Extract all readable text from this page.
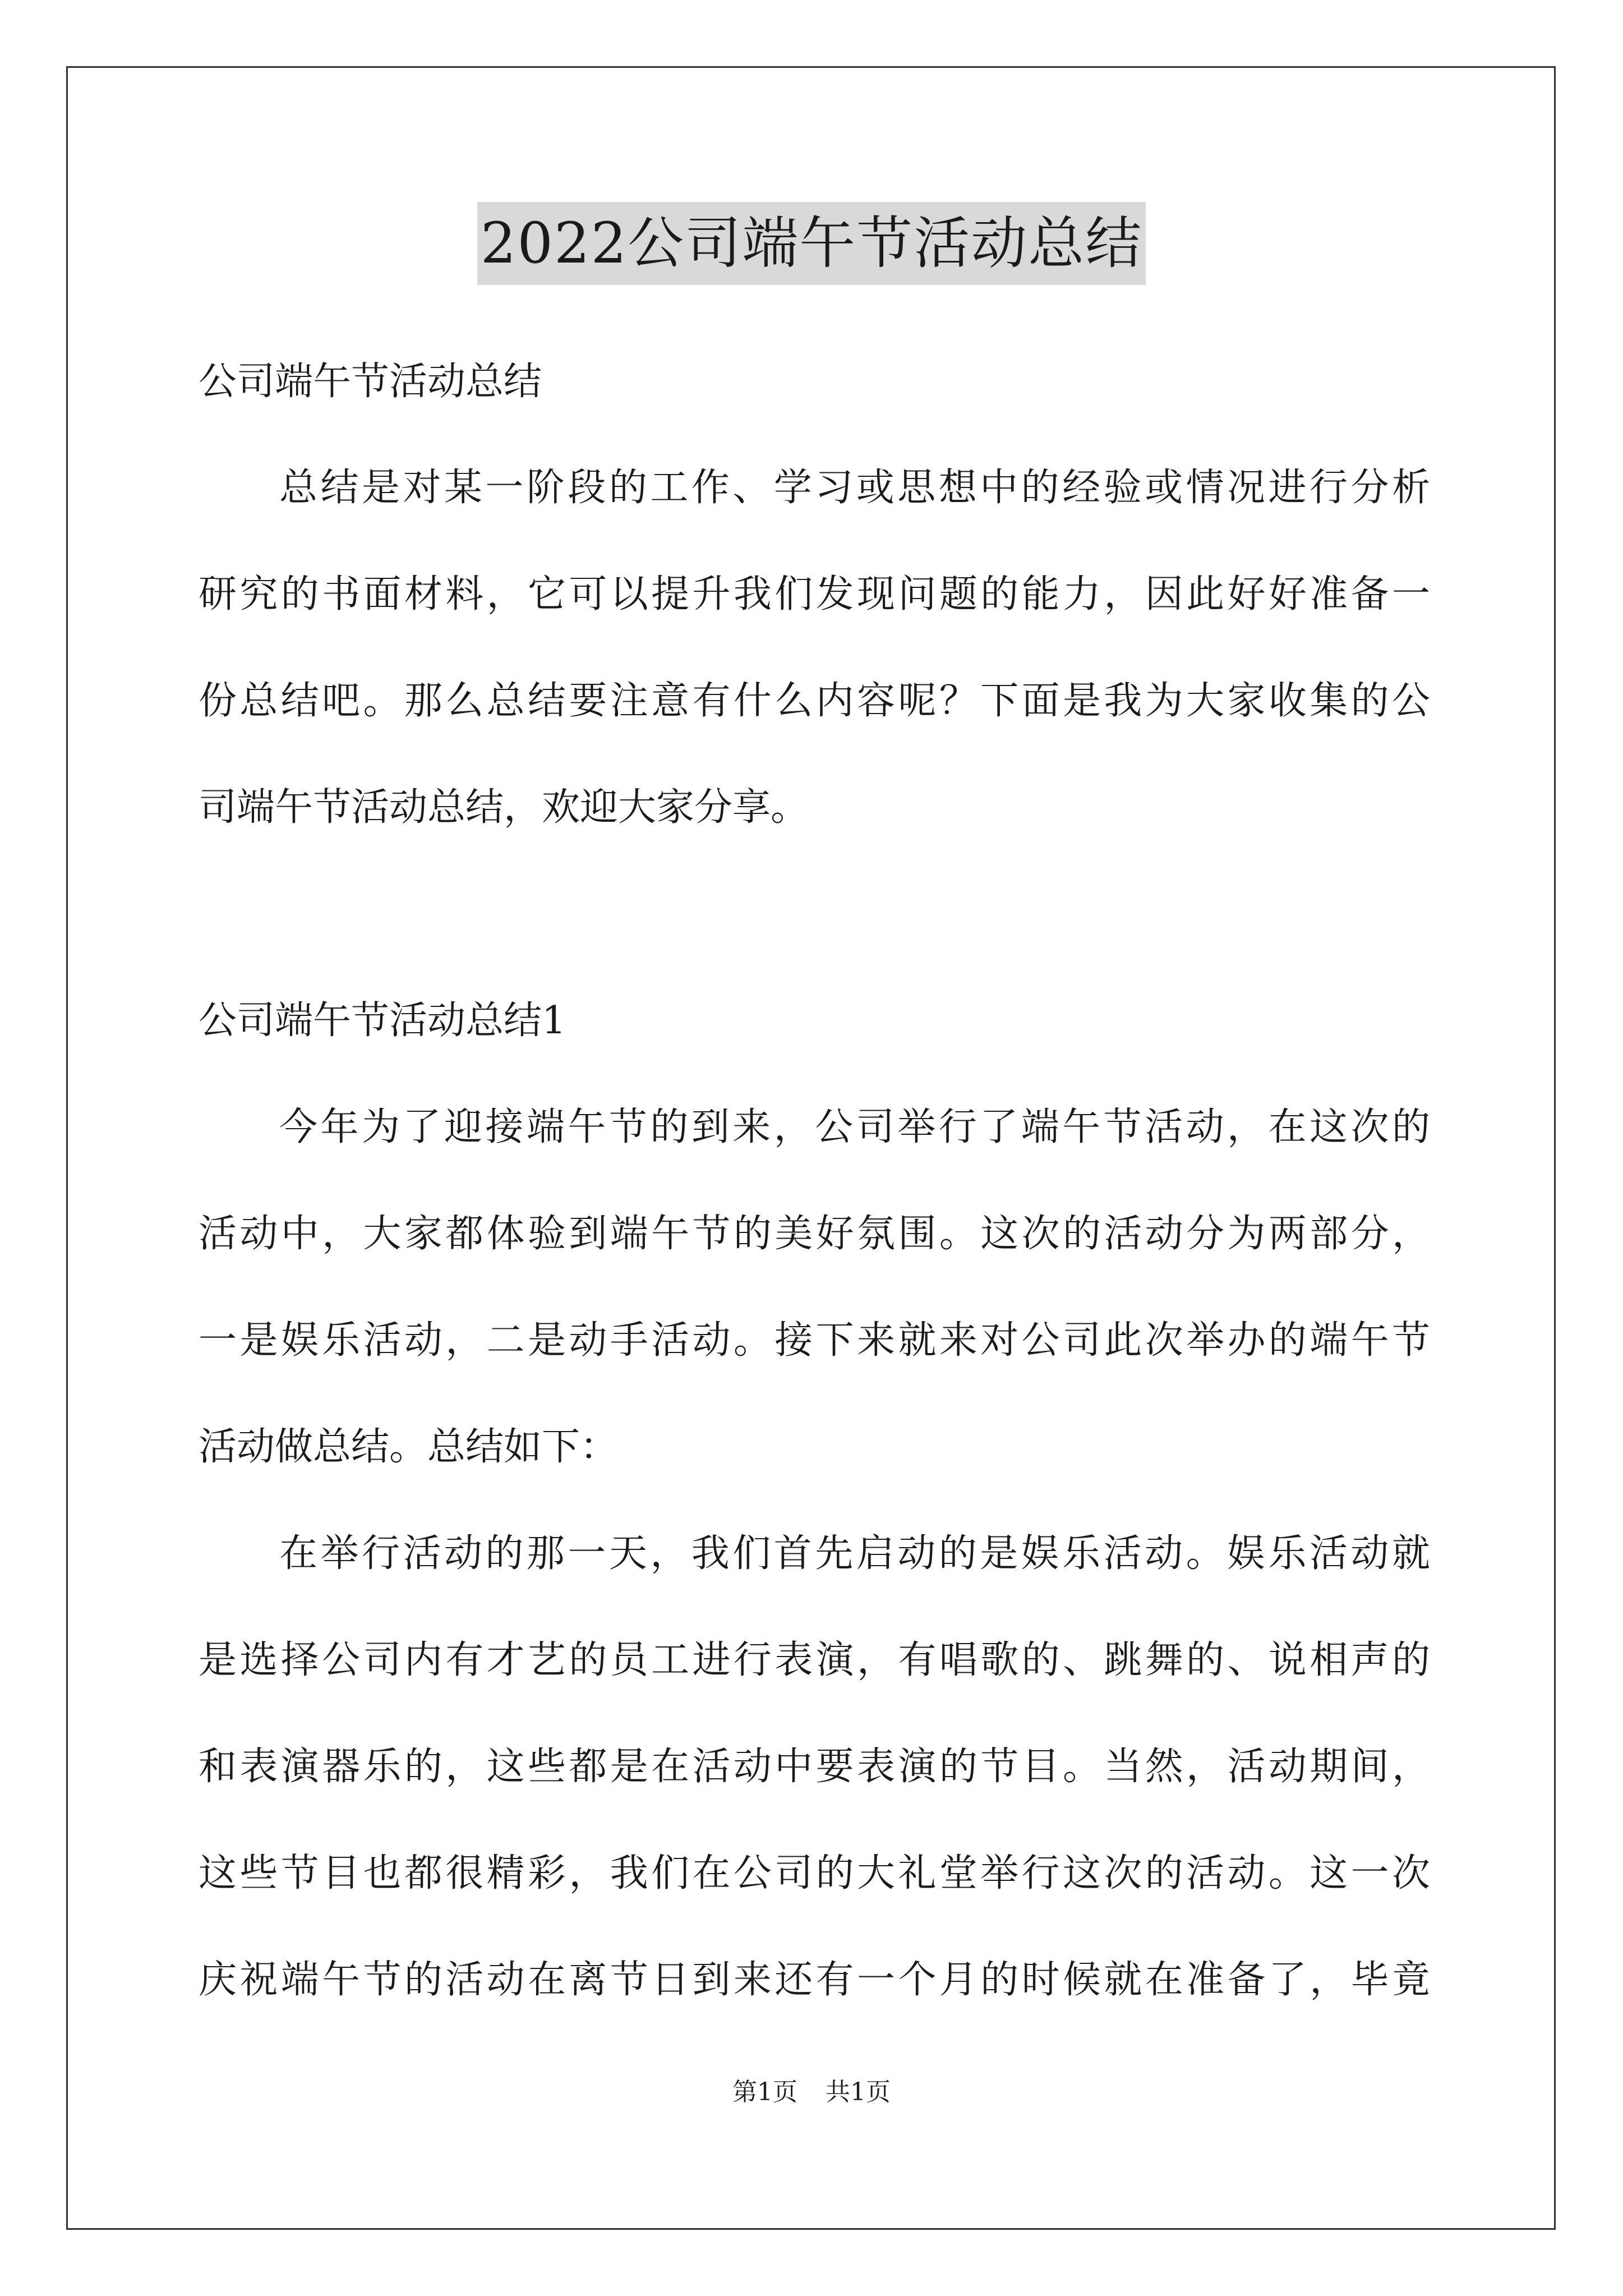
2022公司端午节活动总结
公司端午节活动总结
总结是对某一阶段的工作、学习或思想中的经验或情况进行分析
研究的书面材料，它可以提升我们发现问题的能力，因此好好准备一
份总结吧。那么总结要注意有什么内容呢？下面是我为大家收集的公
司端午节活动总结，欢迎大家分享。
公司端午节活动总结1
今年为了迎接端午节的到来，公司举行了端午节活动，在这次的
活动中，大家都体验到端午节的美好氛围。这次的活动分为两部分，
一是娱乐活动，二是动手活动。接下来就来对公司此次举办的端午节
活动做总结。总结如下：
在举行活动的那一天，我们首先启动的是娱乐活动。娱乐活动就
是选择公司内有才艺的员工进行表演，有唱歌的、跳舞的、说相声的
和表演器乐的，这些都是在活动中要表演的节目。当然，活动期间，
这些节目也都很精彩，我们在公司的大礼堂举行这次的活动。这一次
庆祝端午节的活动在离节日到来还有一个月的时候就在准备了，毕竟
第1页 共1页
